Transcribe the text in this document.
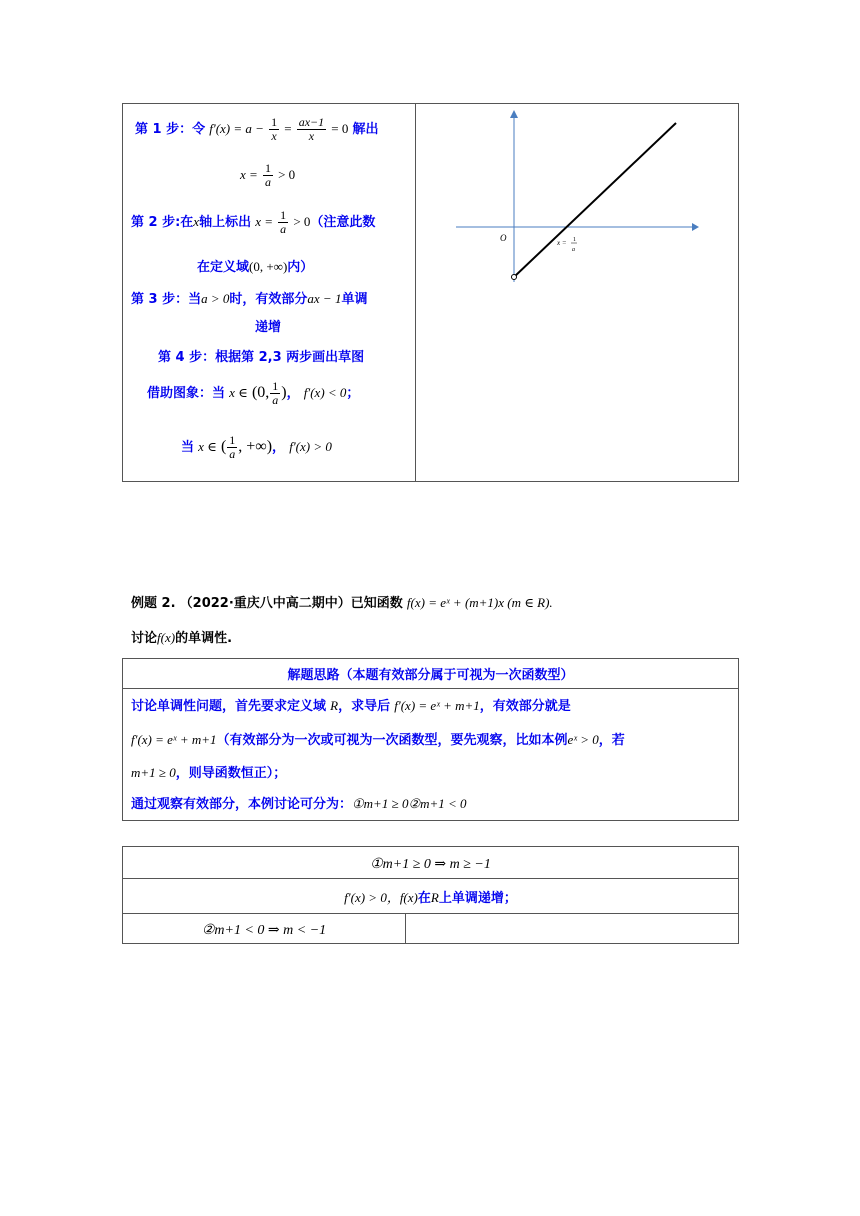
第 1 步：令 $f'(x) = a - \frac{1}{x} = \frac{ax-1}{x} = 0$ 解出
$x = \frac{1}{a} > 0$
第 2 步:在x轴上标出 $x = \frac{1}{a} > 0$（注意此数
在定义域(0, +∞)内）
第 3 步：当a > 0时，有效部分ax − 1单调
递增
第 4 步：根据第 2,3 两步画出草图
借助图象：当 x ∈ (0, $\frac{1}{a}$ )， f′(x) < 0；
当 x ∈ ( $\frac{1}{a}$ , +∞)， f′(x) > 0

O	x = 1
a
例题 2. （2022·重庆八中高二期中）已知函数 f(x) = eˣ + (m+1)x (m ∈ R).
讨论f(x)的单调性.
解题思路（本题有效部分属于可视为一次函数型）

讨论单调性问题，首先要求定义域 R，求导后 f′(x) = eˣ + m+1，有效部分就是
f′(x) = eˣ + m+1（有效部分为一次或可视为一次函数型，要先观察，比如本例eˣ > 0，若
m+1 ≥ 0，则导函数恒正）；
通过观察有效部分，本例讨论可分为：①m+1 ≥ 0②m+1 < 0
①m+1 ≥ 0 ⇒ m ≥ −1
f′(x) > 0，f(x)在R上单调递增；
②m+1 < 0 ⇒ m < −1	
